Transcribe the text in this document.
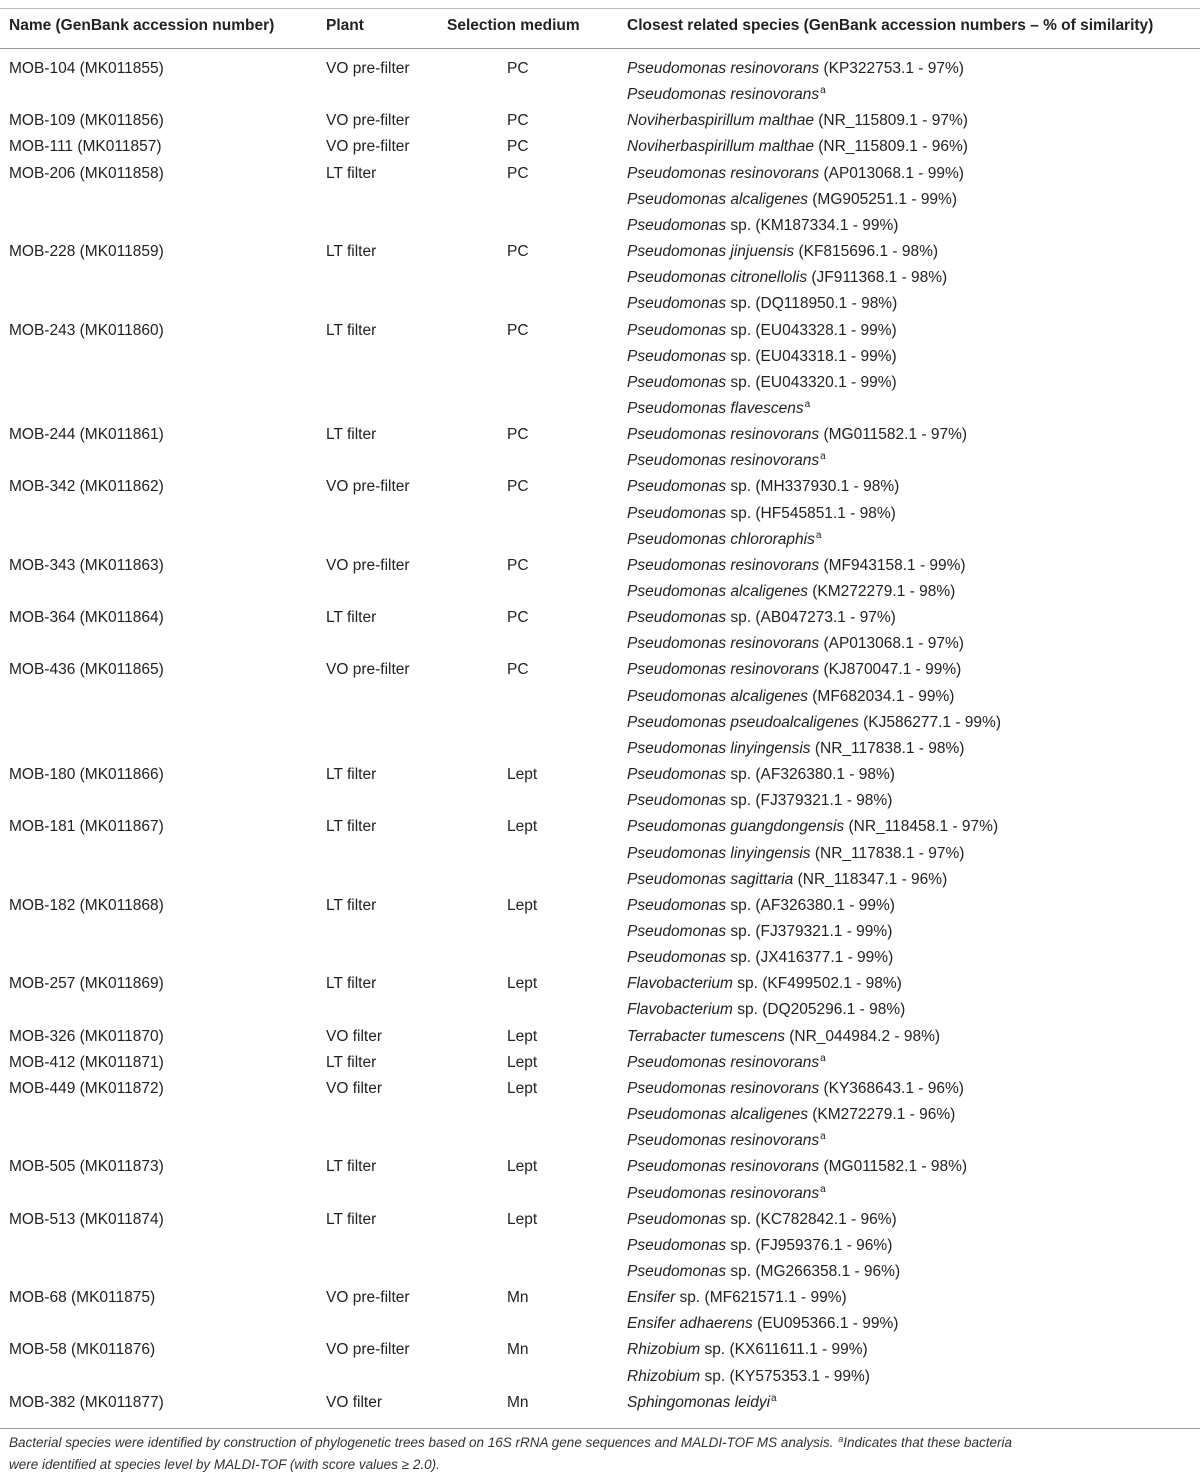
Name (GenBank accession number)	Plant	Selection medium	Closest related species (GenBank accession numbers – % of similarity)
MOB-104 (MK011855)	VO pre-filter	PC	Pseudomonas resinovorans (KP322753.1 - 97%)
Pseudomonas resinovorans$^a$
MOB-109 (MK011856)	VO pre-filter	PC	Noviherbaspirillum malthae (NR_115809.1 - 97%)
MOB-111 (MK011857)	VO pre-filter	PC	Noviherbaspirillum malthae (NR_115809.1 - 96%)
MOB-206 (MK011858)	LT filter	PC	Pseudomonas resinovorans (AP013068.1 - 99%)
Pseudomonas alcaligenes (MG905251.1 - 99%)
Pseudomonas sp. (KM187334.1 - 99%)
MOB-228 (MK011859)	LT filter	PC	Pseudomonas jinjuensis (KF815696.1 - 98%)
Pseudomonas citronellolis (JF911368.1 - 98%)
Pseudomonas sp. (DQ118950.1 - 98%)
MOB-243 (MK011860)	LT filter	PC	Pseudomonas sp. (EU043328.1 - 99%)
Pseudomonas sp. (EU043318.1 - 99%)
Pseudomonas sp. (EU043320.1 - 99%)
Pseudomonas flavescens$^a$
MOB-244 (MK011861)	LT filter	PC	Pseudomonas resinovorans (MG011582.1 - 97%)
Pseudomonas resinovorans$^a$
MOB-342 (MK011862)	VO pre-filter	PC	Pseudomonas sp. (MH337930.1 - 98%)
Pseudomonas sp. (HF545851.1 - 98%)
Pseudomonas chlororaphis$^a$
MOB-343 (MK011863)	VO pre-filter	PC	Pseudomonas resinovorans (MF943158.1 - 99%)
Pseudomonas alcaligenes (KM272279.1 - 98%)
MOB-364 (MK011864)	LT filter	PC	Pseudomonas sp. (AB047273.1 - 97%)
Pseudomonas resinovorans (AP013068.1 - 97%)
MOB-436 (MK011865)	VO pre-filter	PC	Pseudomonas resinovorans (KJ870047.1 - 99%)
Pseudomonas alcaligenes (MF682034.1 - 99%)
Pseudomonas pseudoalcaligenes (KJ586277.1 - 99%)
Pseudomonas linyingensis (NR_117838.1 - 98%)
MOB-180 (MK011866)	LT filter	Lept	Pseudomonas sp. (AF326380.1 - 98%)
Pseudomonas sp. (FJ379321.1 - 98%)
MOB-181 (MK011867)	LT filter	Lept	Pseudomonas guangdongensis (NR_118458.1 - 97%)
Pseudomonas linyingensis (NR_117838.1 - 97%)
Pseudomonas sagittaria (NR_118347.1 - 96%)
MOB-182 (MK011868)	LT filter	Lept	Pseudomonas sp. (AF326380.1 - 99%)
Pseudomonas sp. (FJ379321.1 - 99%)
Pseudomonas sp. (JX416377.1 - 99%)
MOB-257 (MK011869)	LT filter	Lept	Flavobacterium sp. (KF499502.1 - 98%)
Flavobacterium sp. (DQ205296.1 - 98%)
MOB-326 (MK011870)	VO filter	Lept	Terrabacter tumescens (NR_044984.2 - 98%)
MOB-412 (MK011871)	LT filter	Lept	Pseudomonas resinovorans$^a$
MOB-449 (MK011872)	VO filter	Lept	Pseudomonas resinovorans (KY368643.1 - 96%)
Pseudomonas alcaligenes (KM272279.1 - 96%)
Pseudomonas resinovorans$^a$
MOB-505 (MK011873)	LT filter	Lept	Pseudomonas resinovorans (MG011582.1 - 98%)
Pseudomonas resinovorans$^a$
MOB-513 (MK011874)	LT filter	Lept	Pseudomonas sp. (KC782842.1 - 96%)
Pseudomonas sp. (FJ959376.1 - 96%)
Pseudomonas sp. (MG266358.1 - 96%)
MOB-68 (MK011875)	VO pre-filter	Mn	Ensifer sp. (MF621571.1 - 99%)
Ensifer adhaerens (EU095366.1 - 99%)
MOB-58 (MK011876)	VO pre-filter	Mn	Rhizobium sp. (KX611611.1 - 99%)
Rhizobium sp. (KY575353.1 - 99%)
MOB-382 (MK011877)	VO filter	Mn	Sphingomonas leidyi$^a$
Bacterial species were identified by construction of phylogenetic trees based on 16S rRNA gene sequences and MALDI-TOF MS analysis. $^a$Indicates that these bacteria
were identified at species level by MALDI-TOF (with score values ≥ 2.0).
